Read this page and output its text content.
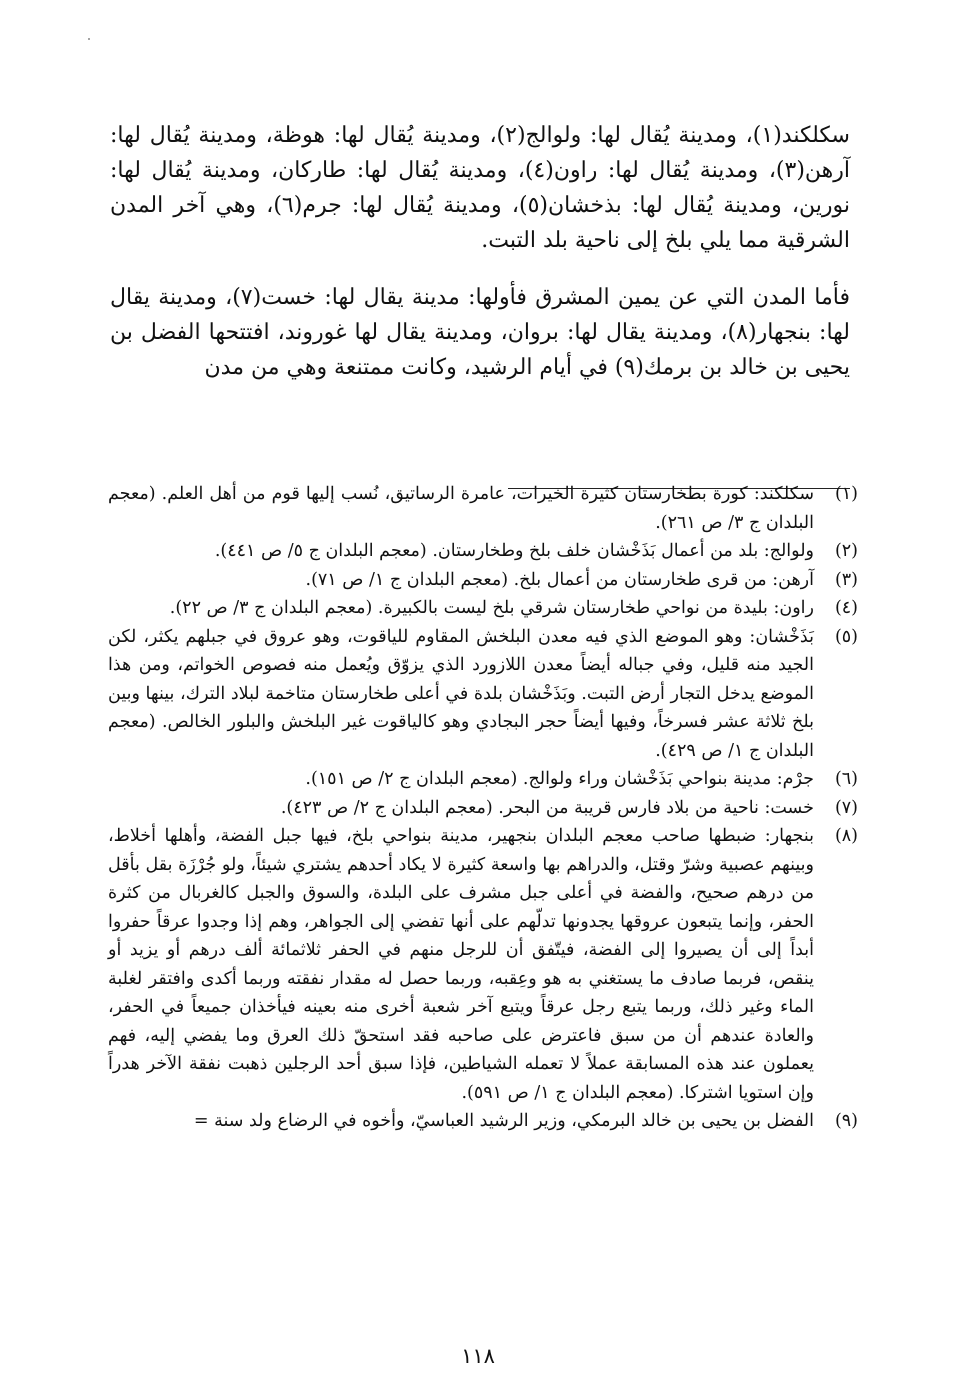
سكلكند(١)، ومدينة يُقال لها: ولوالج(٢)، ومدينة يُقال لها: هوظة، ومدينة يُقال لها: آرهن(٣)، ومدينة يُقال لها: راون(٤)، ومدينة يُقال لها: طاركان، ومدينة يُقال لها: نورين، ومدينة يُقال لها: بذخشان(٥)، ومدينة يُقال لها: جرم(٦)، وهي آخر المدن الشرقية مما يلي بلخ إلى ناحية بلد التبت.

فأما المدن التي عن يمين المشرق فأولها: مدينة يقال لها: خست(٧)، ومدينة يقال لها: بنجهار(٨)، ومدينة يقال لها: بروان، ومدينة يقال لها غوروند، افتتحها الفضل بن يحيى بن خالد بن برمك(٩) في أيام الرشيد، وكانت ممتنعة وهي من مدن

(١)
سكلكند: كورة بطخارستان كثيرة الخيرات، عامرة الرساتيق، نُسب إليها قوم من أهل العلم. (معجم البلدان ج ٣/ ص ٢٦١).
(٢)
ولوالج: بلد من أعمال بَذَخْشان خلف بلخ وطخارستان. (معجم البلدان ج ٥/ ص ٤٤١).
(٣)
آرهن: من قرى طخارستان من أعمال بلخ. (معجم البلدان ج ١/ ص ٧١).
(٤)
راون: بليدة من نواحي طخارستان شرقي بلخ ليست بالكبيرة. (معجم البلدان ج ٣/ ص ٢٢).
(٥)
بَذَخْشان: وهو الموضع الذي فيه معدن البلخش المقاوم للياقوت، وهو عروق في جبلهم يكثر، لكن الجيد منه قليل، وفي جباله أيضاً معدن اللازورد الذي يزوّق ويُعمل منه فصوص الخواتم، ومن هذا الموضع يدخل التجار أرض التبت. وبَذَخْشان بلدة في أعلى طخارستان متاخمة لبلاد الترك، بينها وبين بلخ ثلاثة عشر فسرخاً، وفيها أيضاً حجر البجادي وهو كالياقوت غير البلخش والبلور الخالص. (معجم البلدان ج ١/ ص ٤٢٩).
(٦)
جرْم: مدينة بنواحي بَذَخْشان وراء ولوالج. (معجم البلدان ج ٢/ ص ١٥١).
(٧)
خست: ناحية من بلاد فارس قريبة من البحر. (معجم البلدان ج ٢/ ص ٤٢٣).
(٨)
بنجهار: ضبطها صاحب معجم البلدان بنجهير، مدينة بنواحي بلخ، فيها جبل الفضة، وأهلها أخلاط، وبينهم عصبية وشرّ وقتل، والدراهم بها واسعة كثيرة لا يكاد أحدهم يشتري شيئاً، ولو جُرْزَة بقل بأقل من درهم صحيح، والفضة في أعلى جبل مشرف على البلدة، والسوق والجبل كالغربال من كثرة الحفر، وإنما يتبعون عروقها يجدونها تدلّهم على أنها تفضي إلى الجواهر، وهم إذا وجدوا عرقاً حفروا أبداً إلى أن يصيروا إلى الفضة، فيتّفق أن للرجل منهم في الحفر ثلاثمائة ألف درهم أو يزيد أو ينقص، فربما صادف ما يستغني به هو وعِقبه، وربما حصل له مقدار نفقته وربما أكدى وافتقر لغلبة الماء وغير ذلك، وربما يتبع رجل عرقاً ويتبع آخر شعبة أخرى منه بعينه فيأخذان جميعاً في الحفر، والعادة عندهم أن من سبق فاعترض على صاحبه فقد استحقّ ذلك العرق وما يفضي إليه، فهم يعملون عند هذه المسابقة عملاً لا تعمله الشياطين، فإذا سبق أحد الرجلين ذهبت نفقة الآخر هدراً وإن استويا اشتركا. (معجم البلدان ج ١/ ص ٥٩١).
(٩)
الفضل بن يحيى بن خالد البرمكي، وزير الرشيد العباسيّ، وأخوه في الرضاع ولد سنة =
١١٨
